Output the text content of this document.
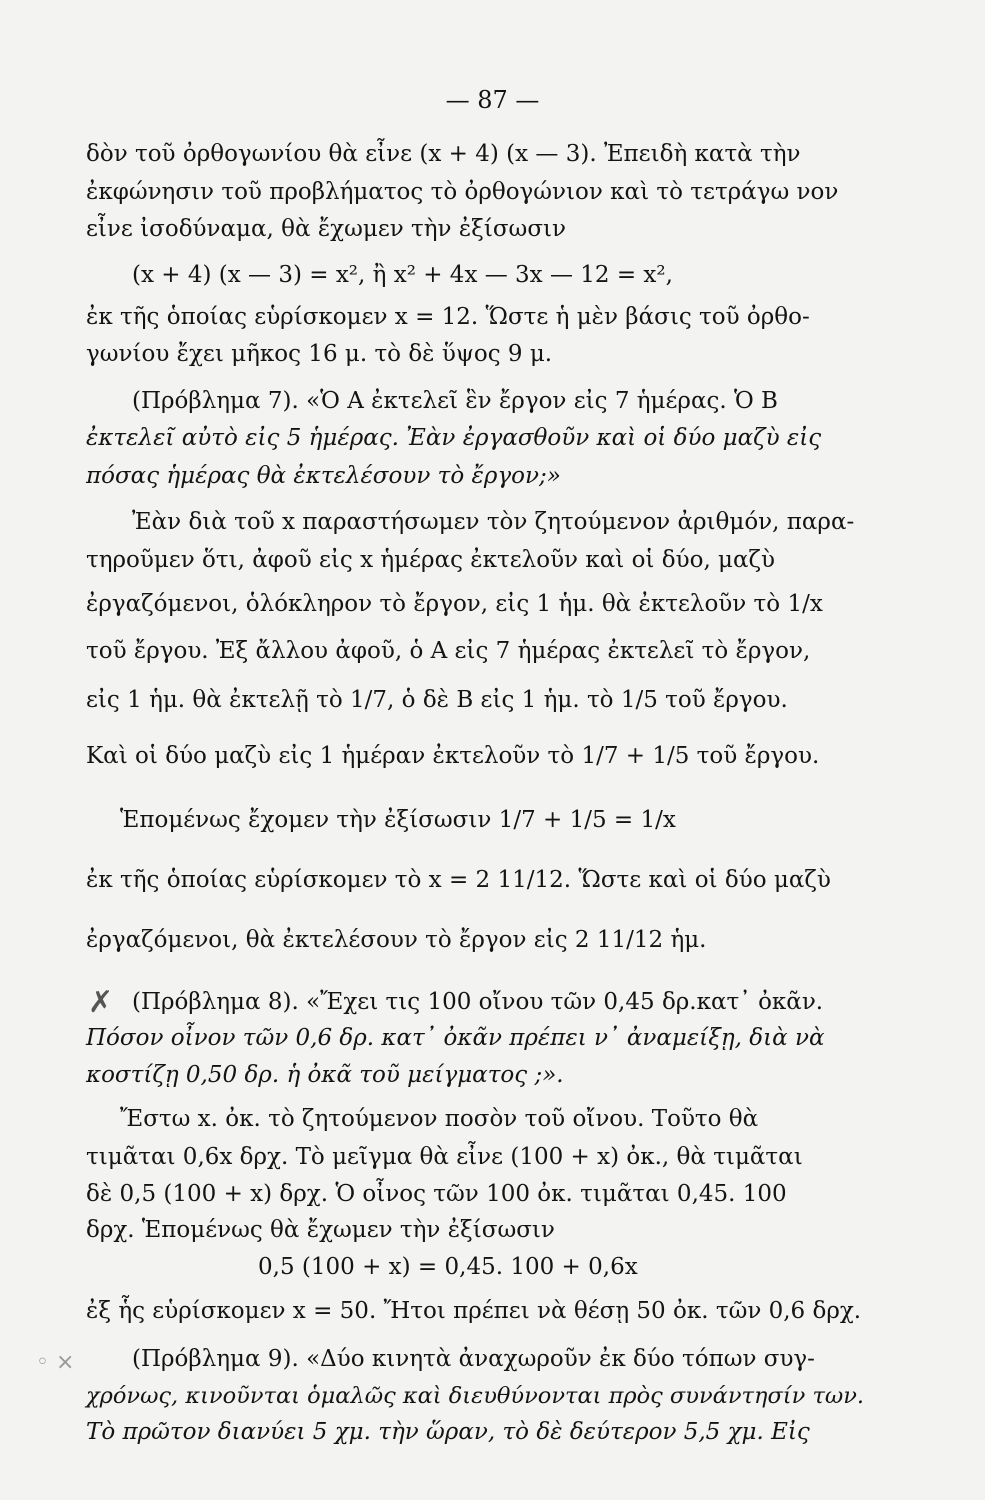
— 87 —
δὸν τοῦ ὀρθογωνίου θὰ εἶνε (x + 4) (x — 3). Ἐπειδὴ κατὰ τὴν
ἐκφώνησιν τοῦ προβλήματος τὸ ὀρθογώνιον καὶ τὸ τετράγω νον
εἶνε ἰσοδύναμα, θὰ ἔχωμεν τὴν ἐξίσωσιν
(x + 4) (x — 3) = x², ἢ x² + 4x — 3x — 12 = x²,
ἐκ τῆς ὁποίας εὑρίσκομεν x = 12. Ὥστε ἡ μὲν βάσις τοῦ ὀρθο-
γωνίου ἔχει μῆκος 16 μ. τὸ δὲ ὕψος 9 μ.
(Πρόβλημα 7). «Ὁ Α ἐκτελεῖ ἓν ἔργον εἰς 7 ἡμέρας. Ὁ Β
ἐκτελεῖ αὐτὸ εἰς 5 ἡμέρας. Ἐὰν ἐργασθοῦν καὶ οἱ δύο μαζὺ εἰς
πόσας ἡμέρας θὰ ἐκτελέσουν τὸ ἔργον;»
Ἐὰν διὰ τοῦ x παραστήσωμεν τὸν ζητούμενον ἀριθμόν, παρα-
τηροῦμεν ὅτι, ἀφοῦ εἰς x ἡμέρας ἐκτελοῦν καὶ οἱ δύο, μαζὺ
ἐργαζόμενοι, ὁλόκληρον τὸ ἔργον, εἰς 1 ἡμ. θὰ ἐκτελοῦν τὸ 1/x
τοῦ ἔργου. Ἐξ ἄλλου ἀφοῦ, ὁ Α εἰς 7 ἡμέρας ἐκτελεῖ τὸ ἔργον,
εἰς 1 ἡμ. θὰ ἐκτελῇ τὸ 1/7, ὁ δὲ Β εἰς 1 ἡμ. τὸ 1/5 τοῦ ἔργου.
Καὶ οἱ δύο μαζὺ εἰς 1 ἡμέραν ἐκτελοῦν τὸ 1/7 + 1/5 τοῦ ἔργου.
Ἑπομένως ἔχομεν τὴν ἐξίσωσιν 1/7 + 1/5 = 1/x
ἐκ τῆς ὁποίας εὑρίσκομεν τὸ x = 2 11/12. Ὥστε καὶ οἱ δύο μαζὺ
ἐργαζόμενοι, θὰ ἐκτελέσουν τὸ ἔργον εἰς 2 11/12 ἡμ.
✗ (Πρόβλημα 8). «Ἔχει τις 100 οἴνου τῶν 0,45 δρ.κατ᾽ ὀκᾶν.
Πόσον οἶνον τῶν 0,6 δρ. κατ᾽ ὀκᾶν πρέπει ν᾽ ἀναμείξῃ, διὰ νὰ
κοστίζῃ 0,50 δρ. ἡ ὀκᾶ τοῦ μείγματος ;».
Ἔστω x. ὀκ. τὸ ζητούμενον ποσὸν τοῦ οἴνου. Τοῦτο θὰ
τιμᾶται 0,6x δρχ. Τὸ μεῖγμα θὰ εἶνε (100 + x) ὀκ., θὰ τιμᾶται
δὲ 0,5 (100 + x) δρχ. Ὁ οἶνος τῶν 100 ὀκ. τιμᾶται 0,45. 100
δρχ. Ἑπομένως θὰ ἔχωμεν τὴν ἐξίσωσιν
0,5 (100 + x) = 0,45. 100 + 0,6x
ἐξ ἧς εὑρίσκομεν x = 50. Ἤτοι πρέπει νὰ θέσῃ 50 ὀκ. τῶν 0,6 δρχ.
◦ ×	(Πρόβλημα 9). «Δύο κινητὰ ἀναχωροῦν ἐκ δύο τόπων συγ-
χρόνως, κινοῦνται ὁμαλῶς καὶ διευθύνονται πρὸς συνάντησίν των.
Τὸ πρῶτον διανύει 5 χμ. τὴν ὥραν, τὸ δὲ δεύτερον 5,5 χμ. Εἰς
